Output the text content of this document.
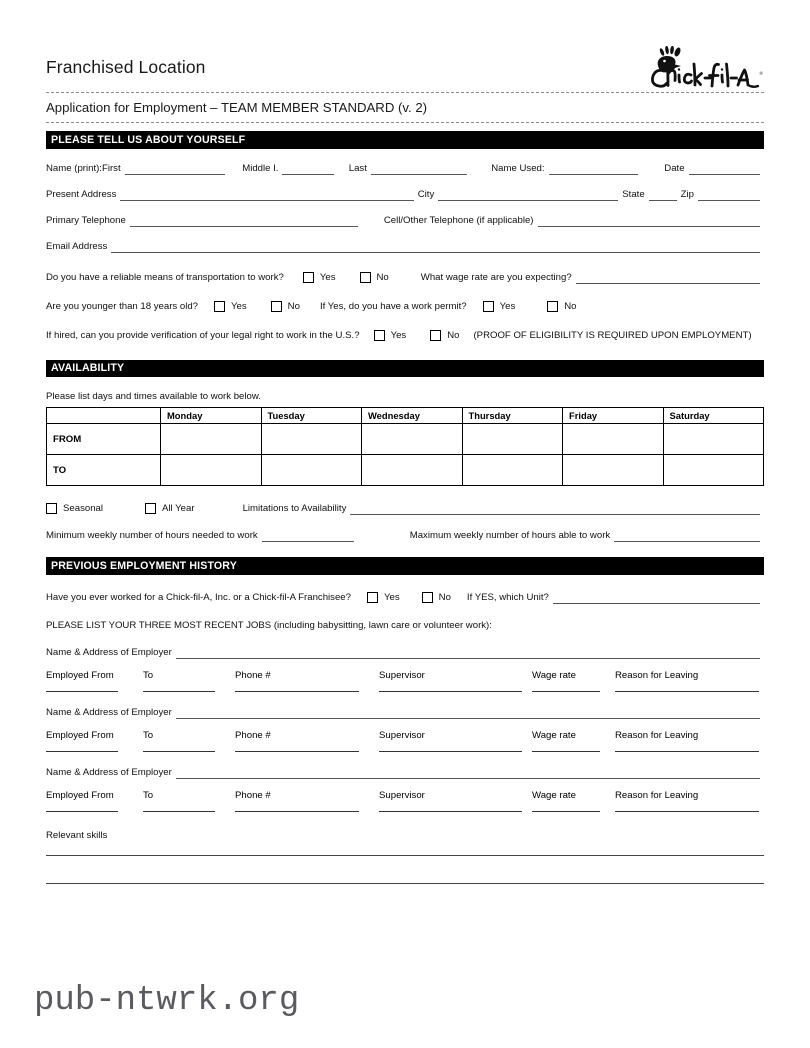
Franchised Location	®
Application for Employment – TEAM MEMBER STANDARD (v. 2)
PLEASE TELL US ABOUT YOURSELF
Name (print):First	Middle I.	Last	Name Used:	Date
Present Address	City	State	Zip
Primary Telephone	Cell/Other Telephone (if applicable)
Email Address
Do you have a reliable means of transportation to work?	Yes	No	What wage rate are you expecting?
Are you younger than 18 years old?	Yes	No If Yes, do you have a work permit?	Yes	No
If hired, can you provide verification of your legal right to work in the U.S.?	Yes	No (PROOF OF ELIGIBILITY IS REQUIRED UPON EMPLOYMENT)
AVAILABILITY
Please list days and times available to work below.
	Monday	Tuesday	Wednesday	Thursday	Friday	Saturday
FROM						
TO						
Seasonal	All Year	Limitations to Availability
Minimum weekly number of hours needed to work	Maximum weekly number of hours able to work
PREVIOUS EMPLOYMENT HISTORY
Have you ever worked for a Chick-fil-A, Inc. or a Chick-fil-A Franchisee?	Yes	No If YES, which Unit?
PLEASE LIST YOUR THREE MOST RECENT JOBS (including babysitting, lawn care or volunteer work):
Name & Address of Employer
Employed From	To	Phone #	Supervisor	Wage rate	Reason for Leaving
Name & Address of Employer
Employed From	To	Phone #	Supervisor	Wage rate	Reason for Leaving
Name & Address of Employer
Employed From	To	Phone #	Supervisor	Wage rate	Reason for Leaving
Relevant skills
pub-ntwrk.org
